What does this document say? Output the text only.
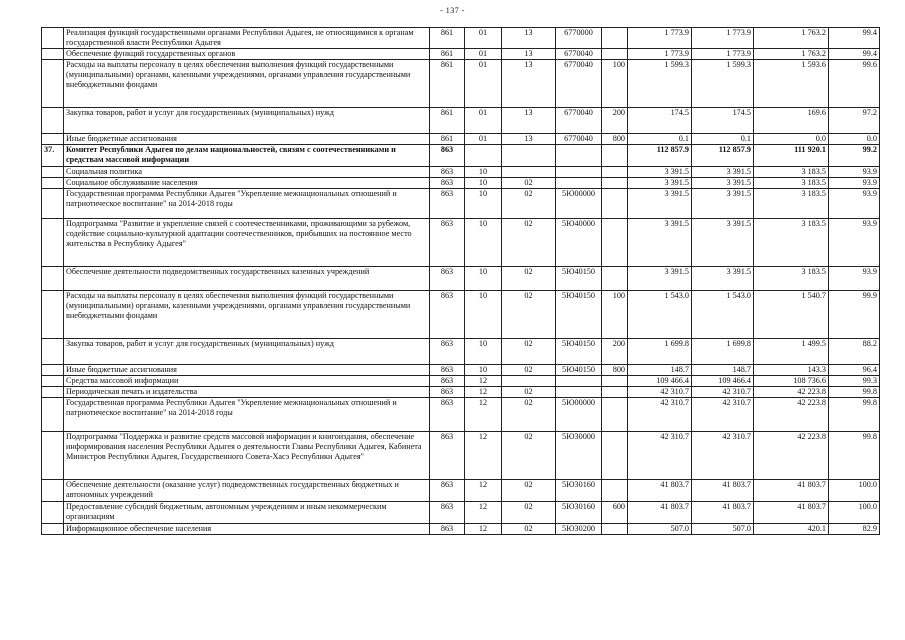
- 137 -
	Реализация функций государственными органами Республики Адыгея, не относящимися к органам государственной власти Республики Адыгея	861	01	13	6770000		1 773.9	1 773.9	1 763.2	99.4
	Обеспечение функций государственных органов	861	01	13	6770040		1 773.9	1 773.9	1 763.2	99.4
	Расходы на выплаты персоналу в целях обеспечения выполнения функций государственными (муниципальными) органами, казенными учреждениями, органами управления государственными внебюджетными фондами	861	01	13	6770040	100	1 599.3	1 599.3	1 593.6	99.6
	Закупка товаров, работ и услуг для государственных (муниципальных) нужд	861	01	13	6770040	200	174.5	174.5	169.6	97.2
	Иные бюджетные ассигнования	861	01	13	6770040	800	0.1	0.1	0.0	0.0
37.	Комитет Республики Адыгея по делам национальностей, связям с соотечественниками и средствам массовой информации	863					112 857.9	112 857.9	111 920.1	99.2
	Социальная политика	863	10				3 391.5	3 391.5	3 183.5	93.9
	Социальное обслуживание населения	863	10	02			3 391.5	3 391.5	3 183.5	93.9
	Государственная программа Республики Адыгея "Укрепление межнациональных отношений и патриотическое воспитание" на 2014-2018 годы	863	10	02	5Ю00000		3 391.5	3 391.5	3 183.5	93.9
	Подпрограмма "Развитие и укрепление связей с соотечественниками, проживающими за рубежом, содействие социально-культурной адаптации соотечественников, прибывших на постоянное место жительства в Республику Адыгея"	863	10	02	5Ю40000		3 391.5	3 391.5	3 183.5	93.9
	Обеспечение деятельности подведомственных государственных казенных учреждений	863	10	02	5Ю40150		3 391.5	3 391.5	3 183.5	93.9
	Расходы на выплаты персоналу в целях обеспечения выполнения функций государственными (муниципальными) органами, казенными учреждениями, органами управления государственными внебюджетными фондами	863	10	02	5Ю40150	100	1 543.0	1 543.0	1 540.7	99.9
	Закупка товаров, работ и услуг для государственных (муниципальных) нужд	863	10	02	5Ю40150	200	1 699.8	1 699.8	1 499.5	88.2
	Иные бюджетные ассигнования	863	10	02	5Ю40150	800	148.7	148.7	143.3	96.4
	Средства массовой информации	863	12				109 466.4	109 466.4	108 736.6	99.3
	Периодическая печать и издательства	863	12	02			42 310.7	42 310.7	42 223.8	99.8
	Государственная программа Республики Адыгея "Укрепление межнациональных отношений и патриотическое воспитание" на 2014-2018 годы	863	12	02	5Ю00000		42 310.7	42 310.7	42 223.8	99.8
	Подпрограмма "Поддержка и развитие средств массовой информации и книгоиздания, обеспечение информирования населения Республики Адыгея о деятельности Главы Республики Адыгея, Кабинета Министров Республики Адыгея, Государственного Совета-Хасэ Республики Адыгея"	863	12	02	5Ю30000		42 310.7	42 310.7	42 223.8	99.8
	Обеспечение деятельности (оказание услуг) подведомственных государственных бюджетных и автономных учреждений	863	12	02	5Ю30160		41 803.7	41 803.7	41 803.7	100.0
	Предоставление субсидий бюджетным, автономным учреждениям и иным некоммерческим организациям	863	12	02	5Ю30160	600	41 803.7	41 803.7	41 803.7	100.0
	Информационное обеспечение населения	863	12	02	5Ю30200		507.0	507.0	420.1	82.9
